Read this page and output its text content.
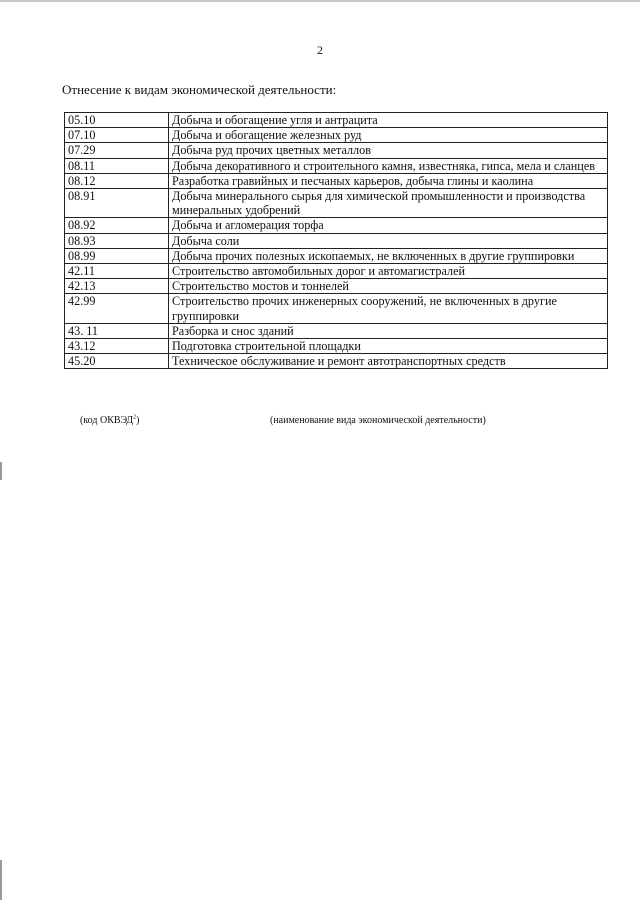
2
Отнесение к видам экономической деятельности:
05.10	Добыча и обогащение угля и антрацита
07.10	Добыча и обогащение железных руд
07.29	Добыча руд прочих цветных металлов
08.11	Добыча декоративного и строительного камня, известняка, гипса, мела и сланцев
08.12	Разработка гравийных и песчаных карьеров, добыча глины и каолина
08.91	Добыча минерального сырья для химической промышленности и производства минеральных удобрений
08.92	Добыча и агломерация торфа
08.93	Добыча соли
08.99	Добыча прочих полезных ископаемых, не включенных в другие группировки
42.11	Строительство автомобильных дорог и автомагистралей
42.13	Строительство мостов и тоннелей
42.99	Строительство прочих инженерных сооружений, не включенных в другие группировки
43. 11	Разборка и снос зданий
43.12	Подготовка строительной площадки
45.20	Техническое обслуживание и ремонт автотранспортных средств
(код ОКВЭД$^2$)	(наименование вида экономической деятельности)
